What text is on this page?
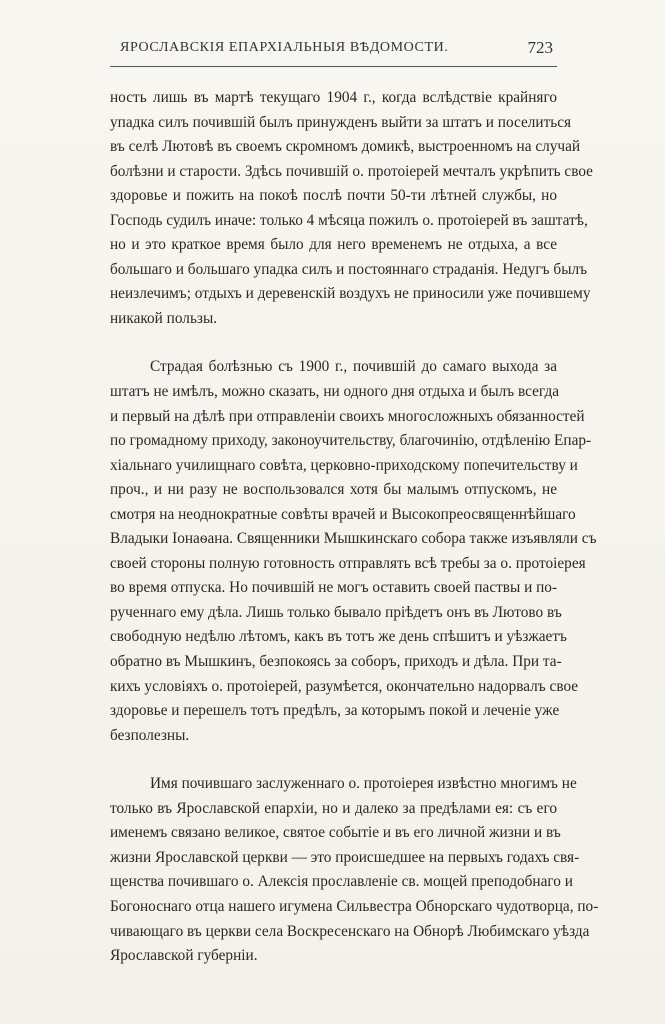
ЯРОСЛАВСКІЯ ЕПАРХІАЛЬНЫЯ ВѢДОМОСТИ.	723
ность лишь въ мартѣ текущаго 1904 г., когда вслѣдствіе крайняго
упадка силъ почившій былъ принужденъ выйти за штатъ и поселиться
въ селѣ Лютовѣ въ своемъ скромномъ домикѣ, выстроенномъ на случай
болѣзни и старости. Здѣсь почившій о. протоіерей мечталъ укрѣпить свое
здоровье и пожить на покоѣ послѣ почти 50-ти лѣтней службы, но
Господь судилъ иначе: только 4 мѣсяца пожилъ о. протоіерей въ заштатѣ,
но и это краткое время было для него временемъ не отдыха, а все
большаго и большаго упадка силъ и постояннаго страданія. Недугъ былъ
неизлечимъ; отдыхъ и деревенскій воздухъ не приносили уже почившему
никакой пользы.
Страдая болѣзнью съ 1900 г., почившій до самаго выхода за
штатъ не имѣлъ, можно сказать, ни одного дня отдыха и былъ всегда
и первый на дѣлѣ при отправленіи своихъ многосложныхъ обязанностей
по громадному приходу, законоучительству, благочинію, отдѣленію Епар-
хіальнаго училищнаго совѣта, церковно-приходскому попечительству и
проч., и ни разу не воспользовался хотя бы малымъ отпускомъ, не
смотря на неоднократные совѣты врачей и Высокопреосвященнѣйшаго
Владыки Іонаѳана. Священники Мышкинскаго собора также изъявляли съ
своей стороны полную готовность отправлять всѣ требы за о. протоіерея
во время отпуска. Но почившій не могъ оставить своей паствы и по-
рученнаго ему дѣла. Лишь только бывало пріѣдетъ онъ въ Лютово въ
свободную недѣлю лѣтомъ, какъ въ тотъ же день спѣшитъ и уѣзжаетъ
обратно въ Мышкинъ, безпокоясь за соборъ, приходъ и дѣла. При та-
кихъ условіяхъ о. протоіерей, разумѣется, окончательно надорвалъ свое
здоровье и перешелъ тотъ предѣлъ, за которымъ покой и леченіе уже
безполезны.
Имя почившаго заслуженнаго о. протоіерея извѣстно многимъ не
только въ Ярославской епархіи, но и далеко за предѣлами ея: съ его
именемъ связано великое, святое событіе и въ его личной жизни и въ
жизни Ярославской церкви — это происшедшее на первыхъ годахъ свя-
щенства почившаго о. Алексія прославленіе св. мощей преподобнаго и
Богоноснаго отца нашего игумена Сильвестра Обнорскаго чудотворца, по-
чивающаго въ церкви села Воскресенскаго на Обнорѣ Любимскаго уѣзда
Ярославской губерніи.
